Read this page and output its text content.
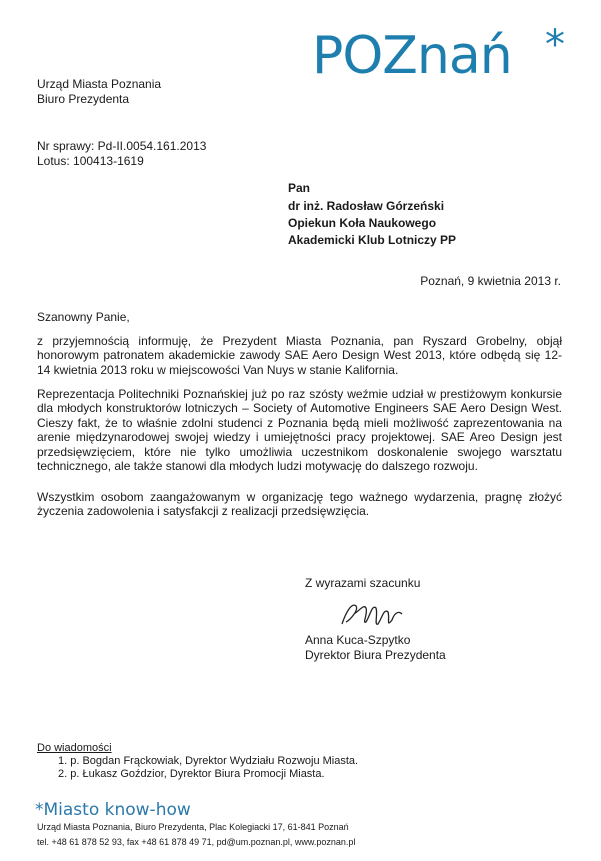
POZnań *
Urząd Miasta Poznania
Biuro Prezydenta
Nr sprawy: Pd-II.0054.161.2013
Lotus: 100413-1619
Pan
dr inż. Radosław Górzeński
Opiekun Koła Naukowego
Akademicki Klub Lotniczy PP
Poznań, 9 kwietnia 2013 r.
Szanowny Panie,
z przyjemnością informuję, że Prezydent Miasta Poznania, pan Ryszard Grobelny, objął honorowym patronatem akademickie zawody SAE Aero Design West 2013, które odbędą się 12-14 kwietnia 2013 roku w miejscowości Van Nuys w stanie Kalifornia.
Reprezentacja Politechniki Poznańskiej już po raz szósty weźmie udział w prestiżowym konkursie dla młodych konstruktorów lotniczych – Society of Automotive Engineers SAE Aero Design West. Cieszy fakt, że to właśnie zdolni studenci z Poznania będą mieli możliwość zaprezentowania na arenie międzynarodowej swojej wiedzy i umiejętności pracy projektowej. SAE Areo Design jest przedsięwzięciem, które nie tylko umożliwia uczestnikom doskonalenie swojego warsztatu technicznego, ale także stanowi dla młodych ludzi motywację do dalszego rozwoju.
Wszystkim osobom zaangażowanym w organizację tego ważnego wydarzenia, pragnę złożyć życzenia zadowolenia i satysfakcji z realizacji przedsięwzięcia.
Z wyrazami szacunku
Anna Kuca-Szpytko
Dyrektor Biura Prezydenta
Do wiadomości
1. p. Bogdan Frąckowiak, Dyrektor Wydziału Rozwoju Miasta.
2. p. Łukasz Goździor, Dyrektor Biura Promocji Miasta.
*Miasto know-how
Urząd Miasta Poznania, Biuro Prezydenta, Plac Kolegiacki 17, 61-841 Poznań
tel. +48 61 878 52 93, fax +48 61 878 49 71, pd@um.poznan.pl, www.poznan.pl
